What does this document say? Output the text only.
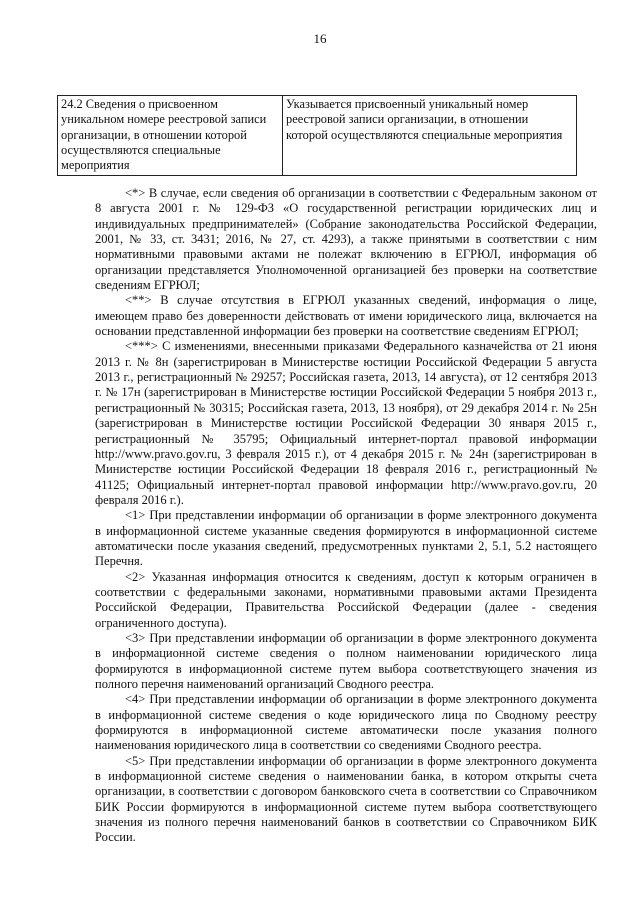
16
24.2 Сведения о присвоенном уникальном номере реестровой записи организации, в отношении которой осуществляются специальные мероприятия	Указывается присвоенный уникальный номер реестровой записи организации, в отношении которой осуществляются специальные мероприятия

<*> В случае, если сведения об организации в соответствии с Федеральным законом от 8 августа 2001 г. № 129-ФЗ «О государственной регистрации юридических лиц и индивидуальных предпринимателей» (Собрание законодательства Российской Федерации, 2001, № 33, ст. 3431; 2016, № 27, ст. 4293), а также принятыми в соответствии с ним нормативными правовыми актами не полежат включению в ЕГРЮЛ, информация об организации представляется Уполномоченной организацией без проверки на соответствие сведениям ЕГРЮЛ;

<**> В случае отсутствия в ЕГРЮЛ указанных сведений, информация о лице, имеющем право без доверенности действовать от имени юридического лица, включается на основании представленной информации без проверки на соответствие сведениям ЕГРЮЛ;

<***> С изменениями, внесенными приказами Федерального казначейства от 21 июня 2013 г. № 8н (зарегистрирован в Министерстве юстиции Российской Федерации 5 августа 2013 г., регистрационный № 29257; Российская газета, 2013, 14 августа), от 12 сентября 2013 г. № 17н (зарегистрирован в Министерстве юстиции Российской Федерации 5 ноября 2013 г., регистрационный № 30315; Российская газета, 2013, 13 ноября), от 29 декабря 2014 г. № 25н (зарегистрирован в Министерстве юстиции Российской Федерации 30 января 2015 г., регистрационный № 35795; Официальный интернет-портал правовой информации http://www.pravo.gov.ru, 3 февраля 2015 г.), от 4 декабря 2015 г. № 24н (зарегистрирован в Министерстве юстиции Российской Федерации 18 февраля 2016 г., регистрационный № 41125; Официальный интернет-портал правовой информации http://www.pravo.gov.ru, 20 февраля 2016 г.).

<1> При представлении информации об организации в форме электронного документа в информационной системе указанные сведения формируются в информационной системе автоматически после указания сведений, предусмотренных пунктами 2, 5.1, 5.2 настоящего Перечня.

<2> Указанная информация относится к сведениям, доступ к которым ограничен в соответствии с федеральными законами, нормативными правовыми актами Президента Российской Федерации, Правительства Российской Федерации (далее - сведения ограниченного доступа).

<3> При представлении информации об организации в форме электронного документа в информационной системе сведения о полном наименовании юридического лица формируются в информационной системе путем выбора соответствующего значения из полного перечня наименований организаций Сводного реестра.

<4> При представлении информации об организации в форме электронного документа в информационной системе сведения о коде юридического лица по Сводному реестру формируются в информационной системе автоматически после указания полного наименования юридического лица в соответствии со сведениями Сводного реестра.

<5> При представлении информации об организации в форме электронного документа в информационной системе сведения о наименовании банка, в котором открыты счета организации, в соответствии с договором банковского счета в соответствии со Справочником БИК России формируются в информационной системе путем выбора соответствующего значения из полного перечня наименований банков в соответствии со Справочником БИК России.
